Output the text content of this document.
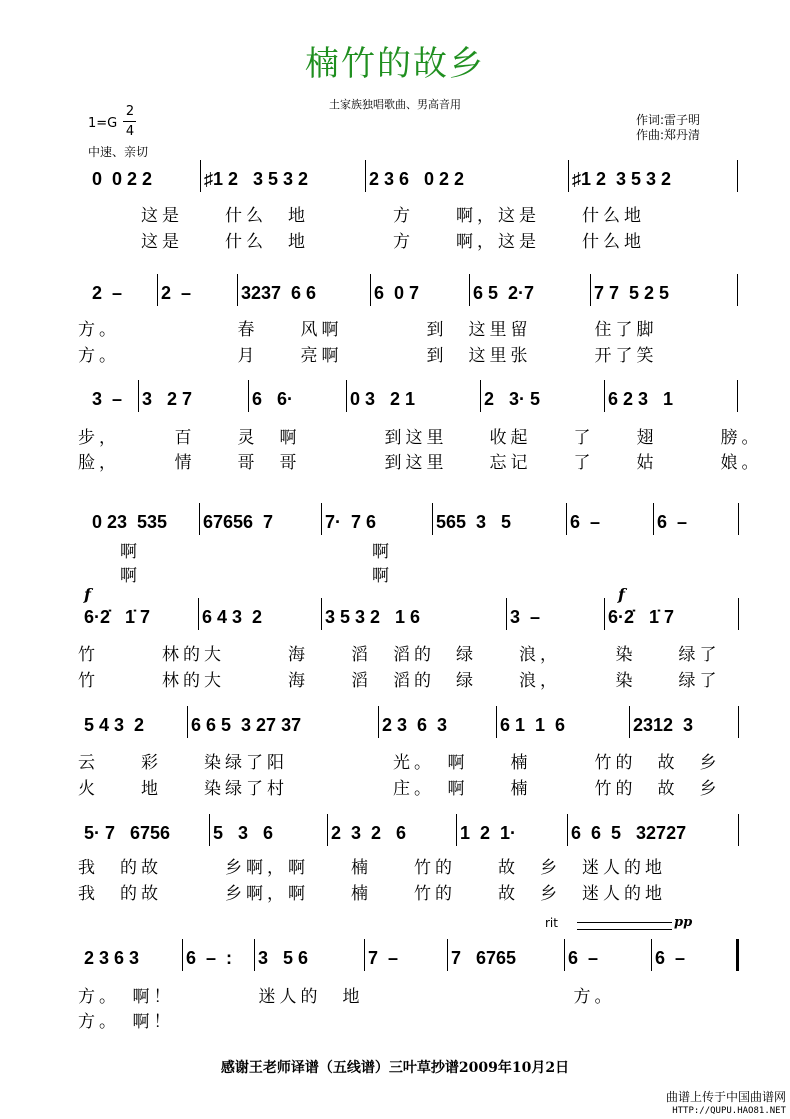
楠竹的故乡
土家族独唱歌曲、男高音用
1=G
2
4
中速、亲切
作词:雷子明
作曲:郑丹清
0  0 2 2	♯1 2   3 5 3 2	2 3 6   0 2 2	♯1 2  3 5 3 2
　　　这是　　什么　地　　　　方　　啊，这是　　什么地
　　　这是　　什么　地　　　　方　　啊，这是　　什么地
2  –	2  –	3237  6 6	6  0 7	6 5  2·7	7 7  5 2 5
方。　　　　　　春　　风啊　　　　到　这里留　　　住了脚
方。　　　　　　月　　亮啊　　　　到　这里张　　　开了笑
3  –	3   2 7	6   6·	0 3   2 1	2   3· 5	6 2 3   1
步，　　　百　　灵　啊　　　　到这里　　收起　　了　　翅　　　膀。
脸，　　　情　　哥　哥　　　　到这里　　忘记　　了　　姑　　　娘。
0 23  535	67656  7	7·  7 6	565  3   5	6  –	6  –
　　啊　　　　　　　　　　　啊
　　啊　　　　　　　　　　　啊
6·2̇   1̇ 7	6 4 3  2	3 5 3 2   1 6	3  –	6·2̇   1̇ 7
竹　　　林的大　　　海　　滔　滔的　绿　　浪，　　　染　　绿了
竹　　　林的大　　　海　　滔　滔的　绿　　浪，　　　染　　绿了
5 4 3  2	6 6 5  3 27 37	2 3  6  3	6 1  1  6	2312  3
云　　彩　　染绿了阳　　　　　光。　啊　　楠　　　竹的　故　乡
火　　地　　染绿了村　　　　　庄。　啊　　楠　　　竹的　故　乡
5· 7   6756	5   3   6	2  3  2   6	1  2  1·	6  6  5   32727
我　的故　　　乡啊，啊　　楠　　竹的　　故　乡　迷人的地
我　的故　　　乡啊，啊　　楠　　竹的　　故　乡　迷人的地
2 3 6 3	6  –  :	3   5 6	7  –	7   6765	6  –	6  –
方。　啊！　　　　迷人的　地　　　　　　　　　　方。
方。　啊！
f	f
rit	pp
感谢王老师译谱（五线谱）三叶草抄谱2009年10月2日
曲谱上传于中国曲谱网
HTTP://QUPU.HAO81.NET
